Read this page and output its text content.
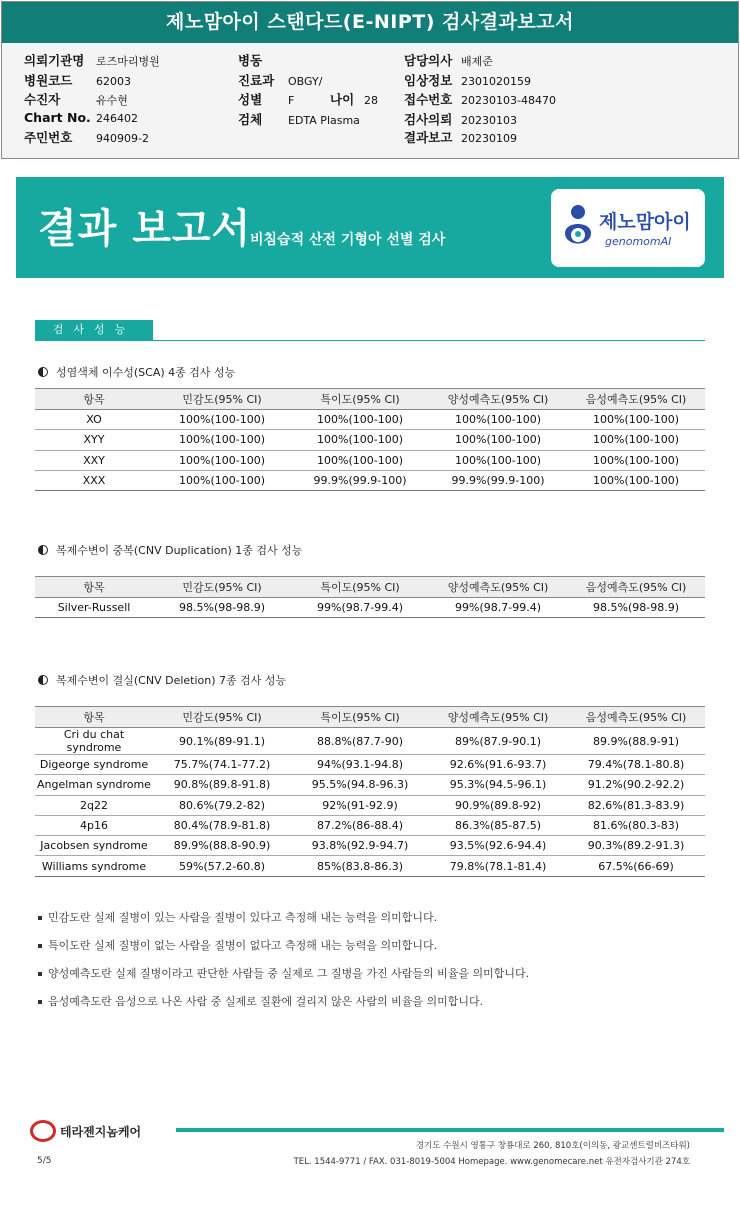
제노맘아이 스탠다드(E-NIPT) 검사결과보고서
의뢰기관명 로즈마리병원
병원코드 62003
수진자	유수현
Chart No. 246402
주민번호 940909-2
병동
진료과 OBGY/
성별 F	나이 28
검체 EDTA Plasma
담당의사 배제준
임상정보 2301020159
접수번호 20230103-48470
검사의뢰 20230103
결과보고 20230109
결과 보고서
비침습적 산전 기형아 선별 검사
제노맘아이
genomomAI
검사성능
성염색체 이수성(SCA) 4종 검사 성능
항목	민감도(95% CI)	특이도(95% CI)	양성예측도(95% CI)	음성예측도(95% CI)
XO	100%(100-100)	100%(100-100)	100%(100-100)	100%(100-100)
XYY	100%(100-100)	100%(100-100)	100%(100-100)	100%(100-100)
XXY	100%(100-100)	100%(100-100)	100%(100-100)	100%(100-100)
XXX	100%(100-100)	99.9%(99.9-100)	99.9%(99.9-100)	100%(100-100)
복제수변이 중복(CNV Duplication) 1종 검사 성능
항목	민감도(95% CI)	특이도(95% CI)	양성예측도(95% CI)	음성예측도(95% CI)
Silver-Russell	98.5%(98-98.9)	99%(98.7-99.4)	99%(98.7-99.4)	98.5%(98-98.9)
복제수변이 결실(CNV Deletion) 7종 검사 성능
항목	민감도(95% CI)	특이도(95% CI)	양성예측도(95% CI)	음성예측도(95% CI)
Cri du chat syndrome	90.1%(89-91.1)	88.8%(87.7-90)	89%(87.9-90.1)	89.9%(88.9-91)
Digeorge syndrome	75.7%(74.1-77.2)	94%(93.1-94.8)	92.6%(91.6-93.7)	79.4%(78.1-80.8)
Angelman syndrome	90.8%(89.8-91.8)	95.5%(94.8-96.3)	95.3%(94.5-96.1)	91.2%(90.2-92.2)
2q22	80.6%(79.2-82)	92%(91-92.9)	90.9%(89.8-92)	82.6%(81.3-83.9)
4p16	80.4%(78.9-81.8)	87.2%(86-88.4)	86.3%(85-87.5)	81.6%(80.3-83)
Jacobsen syndrome	89.9%(88.8-90.9)	93.8%(92.9-94.7)	93.5%(92.6-94.4)	90.3%(89.2-91.3)
Williams syndrome	59%(57.2-60.8)	85%(83.8-86.3)	79.8%(78.1-81.4)	67.5%(66-69)
민감도란 실제 질병이 있는 사람을 질병이 있다고 측정해 내는 능력을 의미합니다.
특이도란 실제 질병이 없는 사람을 질병이 없다고 측정해 내는 능력을 의미합니다.
양성예측도란 실제 질병이라고 판단한 사람들 중 실제로 그 질병을 가진 사람들의 비율을 의미합니다.
음성예측도란 음성으로 나온 사람 중 실제로 질환에 걸리지 않은 사람의 비율을 의미합니다.
테라젠지놈케어
경기도 수원시 영통구 창룡대로 260, 810호(이의동, 광교센트럴비즈타워)
TEL. 1544-9771 / FAX. 031-8019-5004 Homepage. www.genomecare.net 유전자검사기관 274호
5/5
